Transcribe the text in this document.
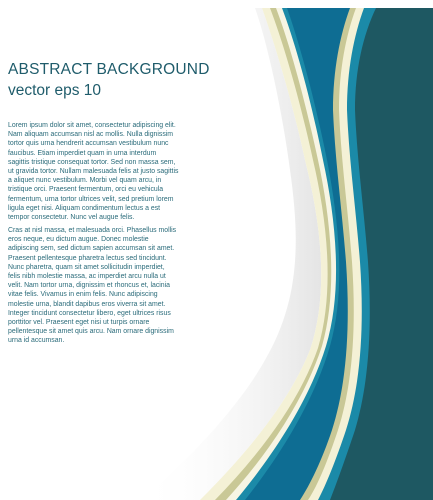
ABSTRACT BACKGROUND
vector eps 10

Lorem ipsum dolor sit amet, consectetur adipiscing elit.
Nam aliquam accumsan nisl ac mollis. Nulla dignissim
tortor quis urna hendrerit accumsan vestibulum nunc
faucibus. Etiam imperdiet quam in urna interdum
sagittis tristique consequat tortor. Sed non massa sem,
ut gravida tortor. Nullam malesuada felis at justo sagittis
a aliquet nunc vestibulum. Morbi vel quam arcu, in
tristique orci. Praesent fermentum, orci eu vehicula
fermentum, urna tortor ultrices velit, sed pretium lorem
ligula eget nisi. Aliquam condimentum lectus a est
tempor consectetur. Nunc vel augue felis.

Cras at nisl massa, et malesuada orci. Phasellus mollis
eros neque, eu dictum augue. Donec molestie
adipiscing sem, sed dictum sapien accumsan sit amet.
Praesent pellentesque pharetra lectus sed tincidunt.
Nunc pharetra, quam sit amet sollicitudin imperdiet,
felis nibh molestie massa, ac imperdiet arcu nulla ut
velit. Nam tortor urna, dignissim et rhoncus et, lacinia
vitae felis. Vivamus in enim felis. Nunc adipiscing
molestie urna, blandit dapibus eros viverra sit amet.
Integer tincidunt consectetur libero, eget ultrices risus
porttitor vel. Praesent eget nisi ut turpis ornare
pellentesque sit amet quis arcu. Nam ornare dignissim
urna id accumsan.
